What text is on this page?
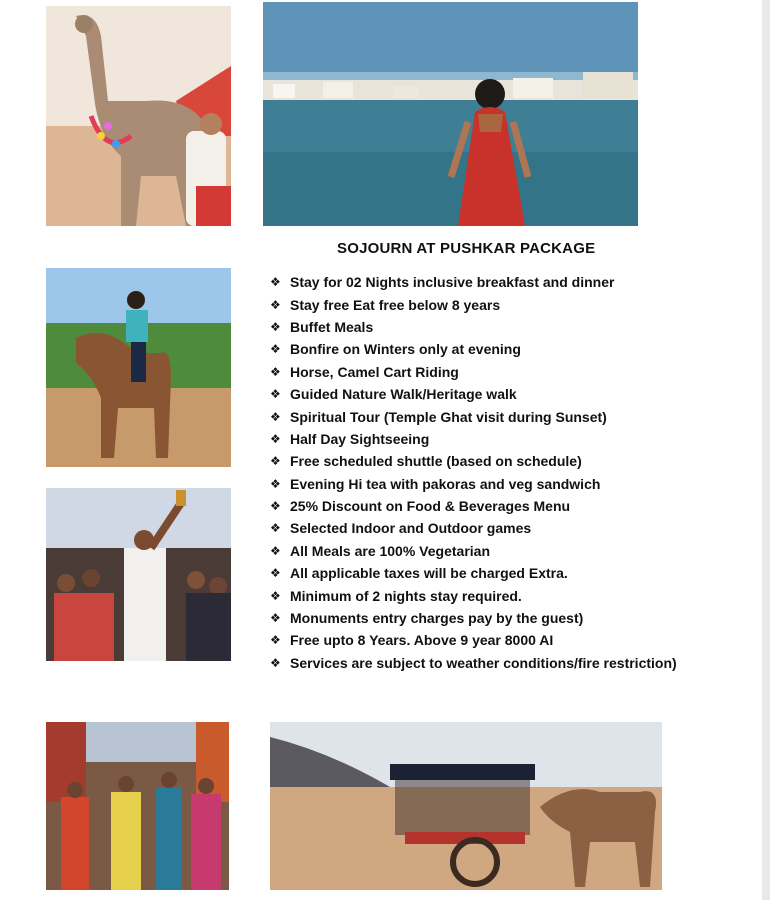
SOJOURN AT PUSHKAR PACKAGE
❖ Stay for 02 Nights inclusive breakfast and dinner
❖ Stay free Eat free below 8 years
❖ Buffet Meals
❖ Bonfire on Winters only at evening
❖ Horse, Camel Cart Riding
❖ Guided Nature Walk/Heritage walk
❖ Spiritual Tour (Temple Ghat visit during Sunset)
❖ Half Day Sightseeing
❖ Free scheduled shuttle (based on schedule)
❖ Evening Hi tea with pakoras and veg sandwich
❖ 25% Discount on Food & Beverages Menu
❖ Selected Indoor and Outdoor games
❖ All Meals are 100% Vegetarian
❖ All applicable taxes will be charged Extra.
❖ Minimum of 2 nights stay required.
❖ Monuments entry charges pay by the guest)
❖ Free upto 8 Years. Above 9 year 8000 AI
❖ Services are subject to weather conditions/fire restriction)
